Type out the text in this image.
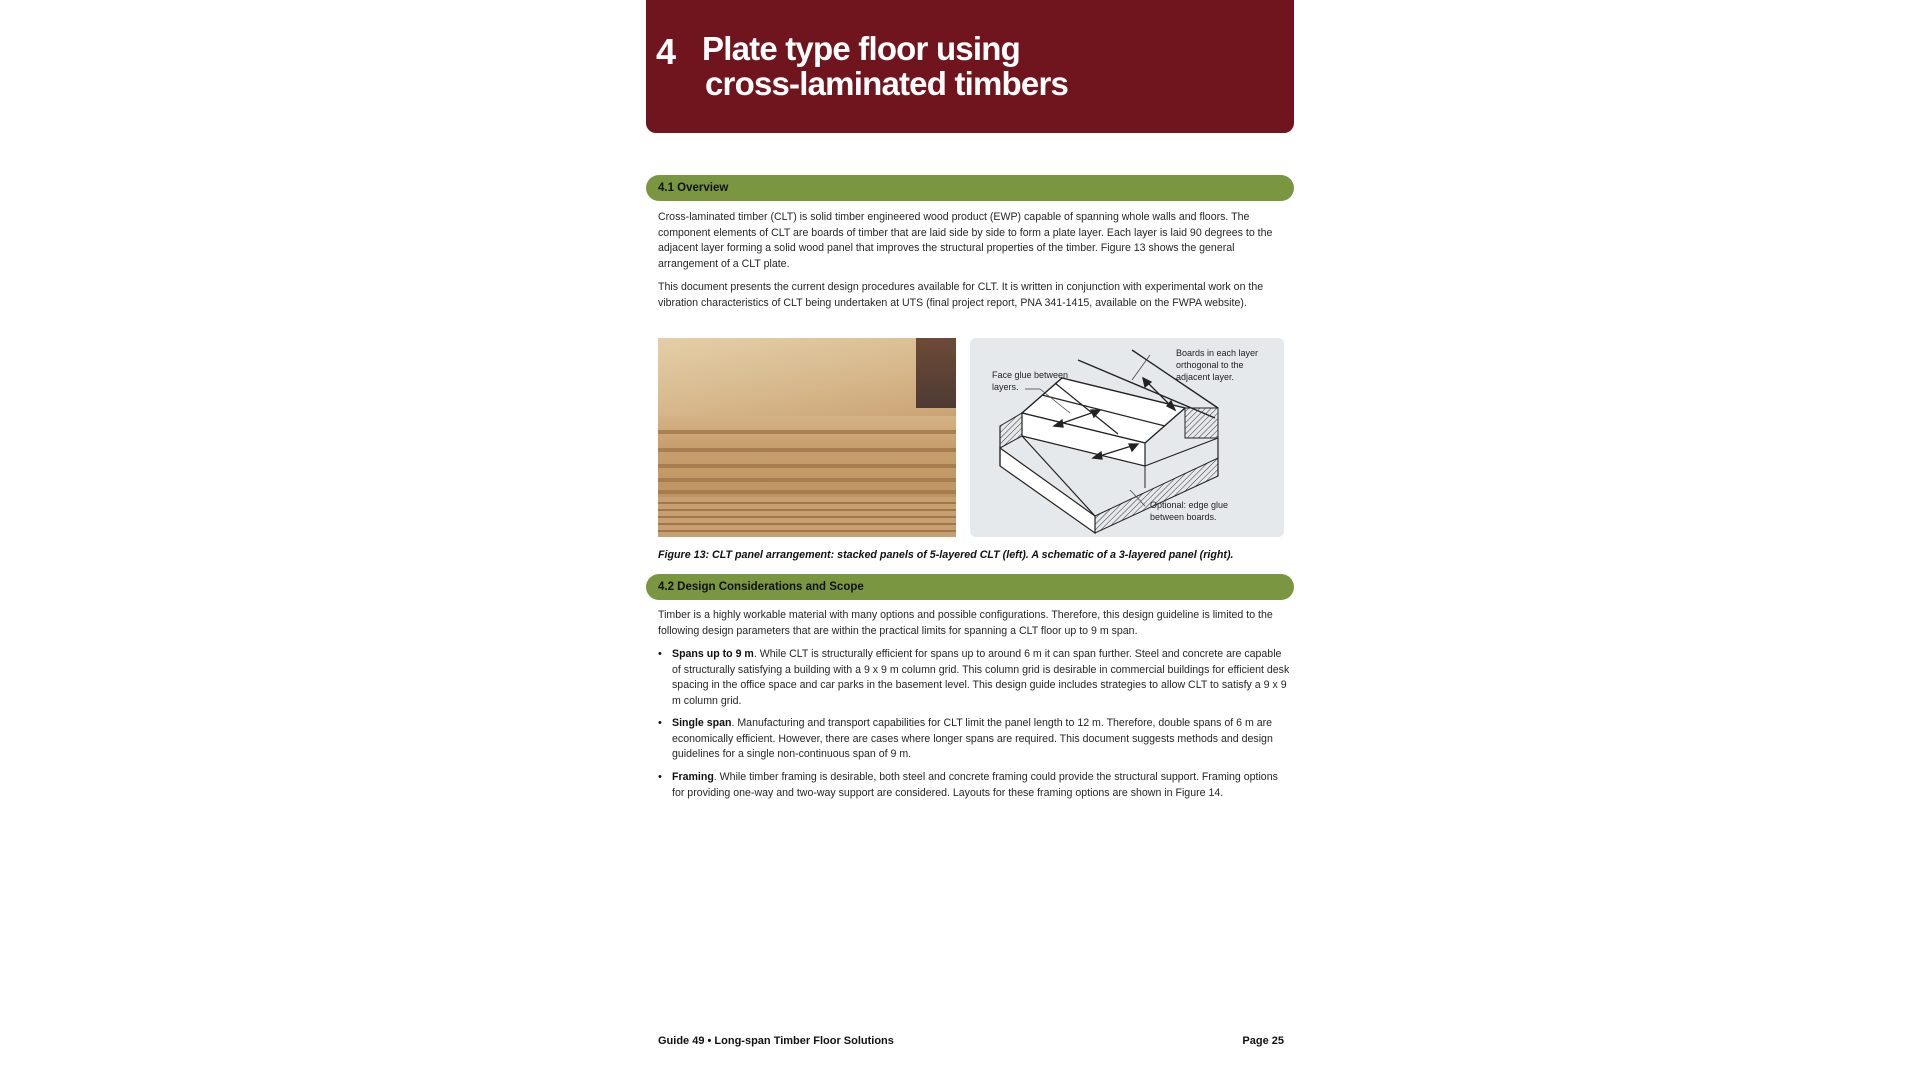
4 Plate type floor using
cross-laminated timbers
4.1 Overview
Cross-laminated timber (CLT) is solid timber engineered wood product (EWP) capable of spanning whole walls and floors. The component elements of CLT are boards of timber that are laid side by side to form a plate layer. Each layer is laid 90 degrees to the adjacent layer forming a solid wood panel that improves the structural properties of the timber. Figure 13 shows the general arrangement of a CLT plate.
This document presents the current design procedures available for CLT. It is written in conjunction with experimental work on the vibration characteristics of CLT being undertaken at UTS (final project report, PNA 341-1415, available on the FWPA website).
Face glue between layers.
Boards in each layer orthogonal to the adjacent layer.
Optional: edge glue between boards.
Figure 13: CLT panel arrangement: stacked panels of 5-layered CLT (left). A schematic of a 3-layered panel (right).
4.2 Design Considerations and Scope
Timber is a highly workable material with many options and possible configurations. Therefore, this design guideline is limited to the following design parameters that are within the practical limits for spanning a CLT floor up to 9 m span.
• Spans up to 9 m. While CLT is structurally efficient for spans up to around 6 m it can span further. Steel and concrete are capable of structurally satisfying a building with a 9 x 9 m column grid. This column grid is desirable in commercial buildings for efficient desk spacing in the office space and car parks in the basement level. This design guide includes strategies to allow CLT to satisfy a 9 x 9 m column grid.
• Single span. Manufacturing and transport capabilities for CLT limit the panel length to 12 m. Therefore, double spans of 6 m are economically efficient. However, there are cases where longer spans are required. This document suggests methods and design guidelines for a single non-continuous span of 9 m.
• Framing. While timber framing is desirable, both steel and concrete framing could provide the structural support. Framing options for providing one-way and two-way support are considered. Layouts for these framing options are shown in Figure 14.
Guide 49 • Long-span Timber Floor Solutions	Page 25
